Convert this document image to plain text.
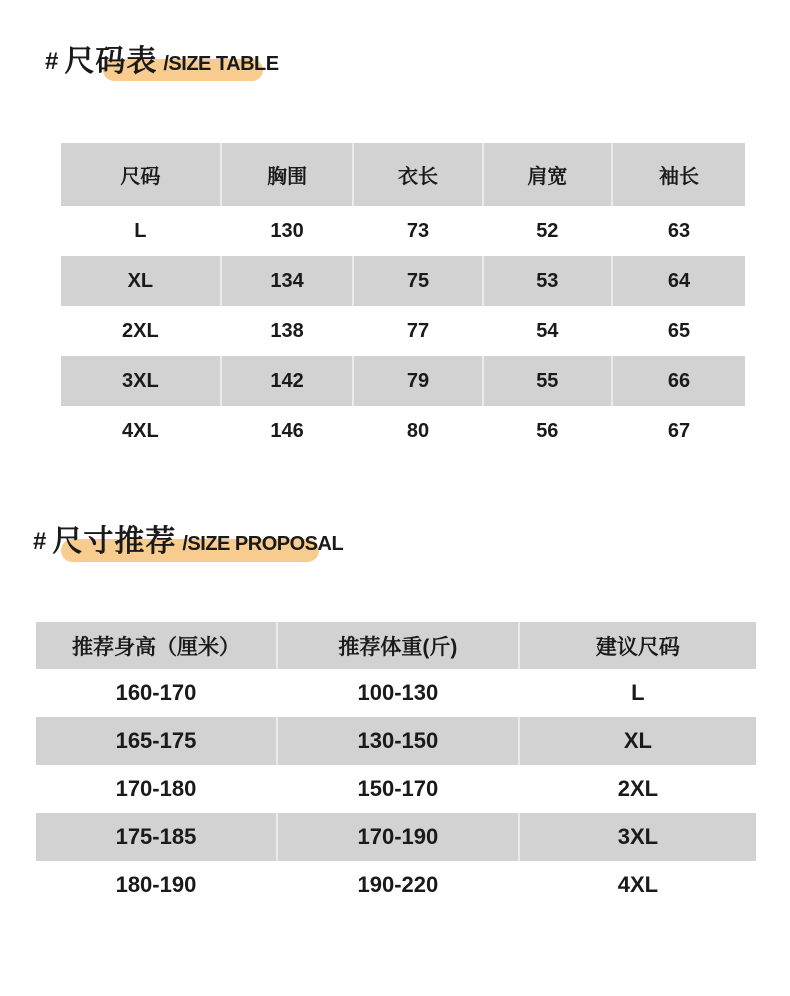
# 尺码表 /SIZE TABLE
尺码	胸围	衣长	肩宽	袖长
L	130	73	52	63
XL	134	75	53	64
2XL	138	77	54	65
3XL	142	79	55	66
4XL	146	80	56	67
# 尺寸推荐 /SIZE PROPOSAL
推荐身高（厘米）	推荐体重(斤)	建议尺码
160-170	100-130	L
165-175	130-150	XL
170-180	150-170	2XL
175-185	170-190	3XL
180-190	190-220	4XL
